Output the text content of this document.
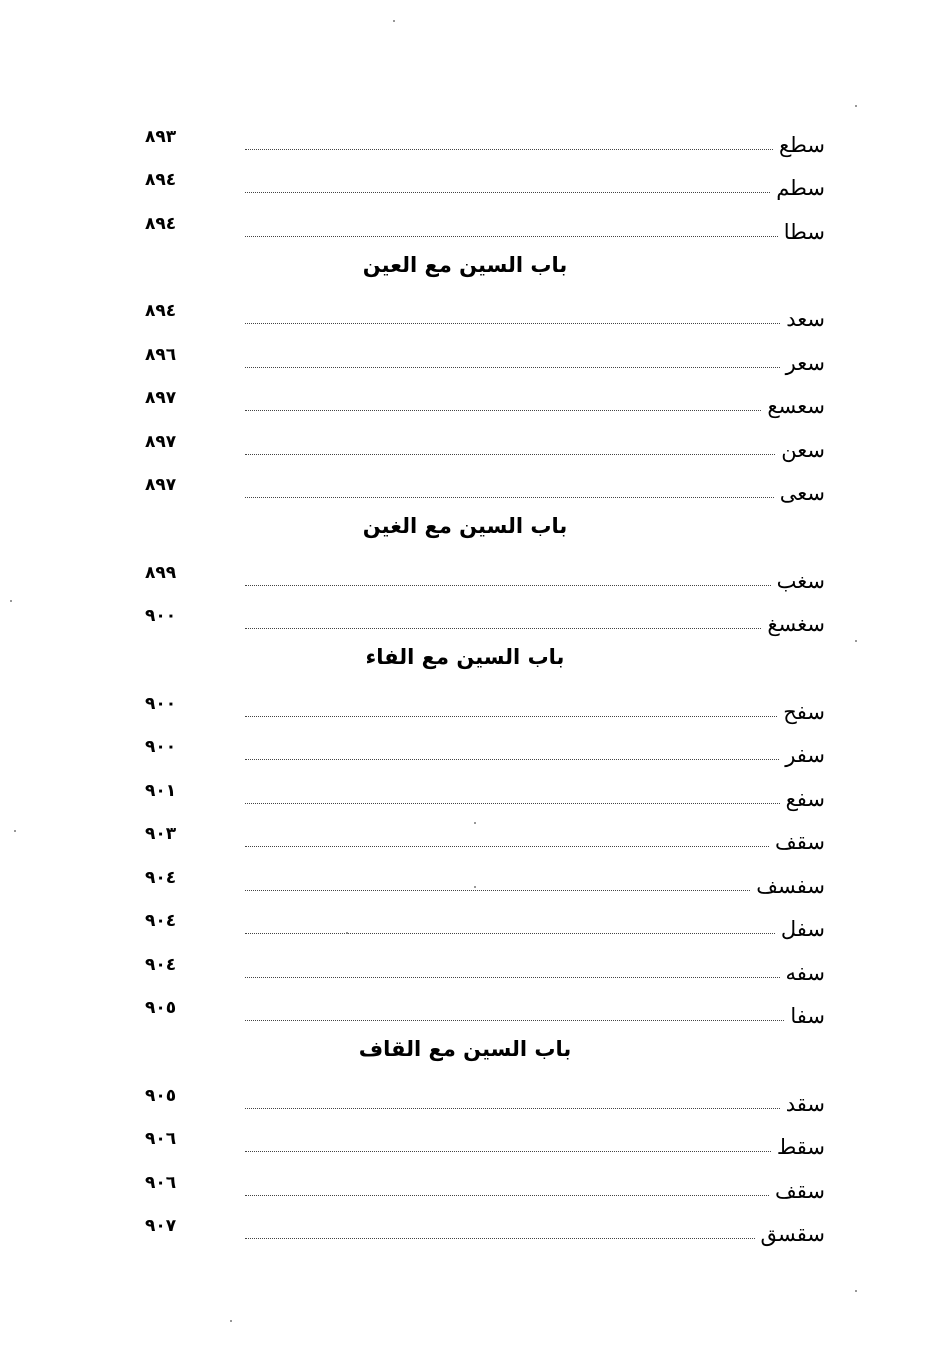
سطع
٨٩٣
سطم
٨٩٤
سطا
٨٩٤
باب السين مع العين
سعد
٨٩٤
سعر
٨٩٦
سعسع
٨٩٧
سعن
٨٩٧
سعى
٨٩٧
باب السين مع الغين
سغب
٨٩٩
سغسغ
٩٠٠
باب السين مع الفاء
سفح
٩٠٠
سفر
٩٠٠
سفع
٩٠١
سقف
٩٠٣
سفسف
٩٠٤
سفل
٩٠٤
سفه
٩٠٤
سفا
٩٠٥
باب السين مع القاف
سقد
٩٠٥
سقط
٩٠٦
سقف
٩٠٦
سقسق
٩٠٧
